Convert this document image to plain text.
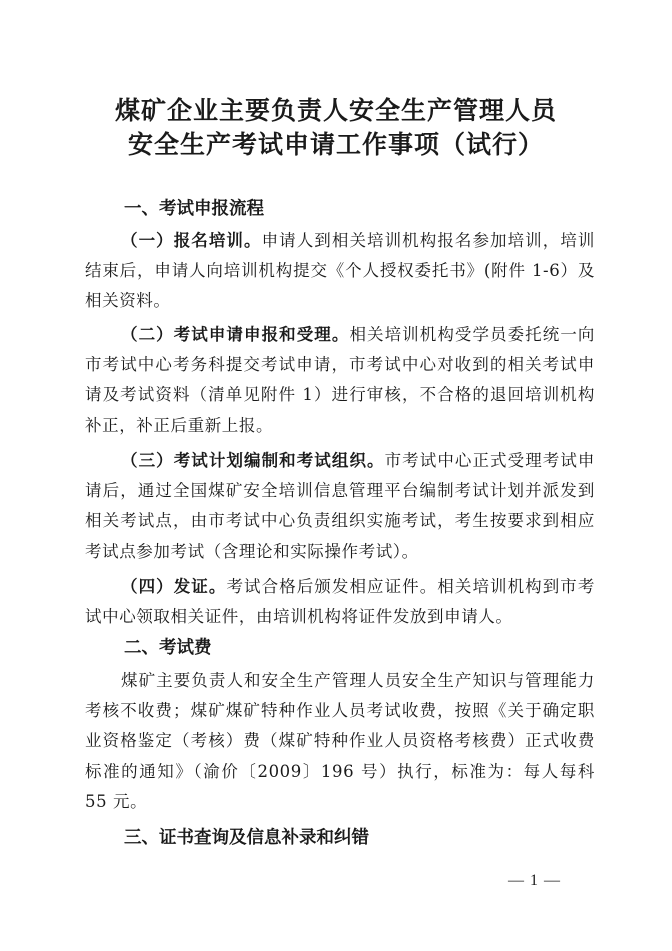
煤矿企业主要负责人安全生产管理人员
安全生产考试申请工作事项（试行）
一、考试申报流程
（一）报名培训。申请人到相关培训机构报名参加培训，培训结束后，申请人向培训机构提交《个人授权委托书》(附件 1-6）及相关资料。
（二）考试申请申报和受理。相关培训机构受学员委托统一向市考试中心考务科提交考试申请，市考试中心对收到的相关考试申请及考试资料（清单见附件 1）进行审核，不合格的退回培训机构补正，补正后重新上报。
（三）考试计划编制和考试组织。市考试中心正式受理考试申请后，通过全国煤矿安全培训信息管理平台编制考试计划并派发到相关考试点，由市考试中心负责组织实施考试，考生按要求到相应考试点参加考试（含理论和实际操作考试）。
（四）发证。考试合格后颁发相应证件。相关培训机构到市考试中心领取相关证件，由培训机构将证件发放到申请人。
二、考试费
煤矿主要负责人和安全生产管理人员安全生产知识与管理能力考核不收费；煤矿煤矿特种作业人员考试收费，按照《关于确定职业资格鉴定（考核）费（煤矿特种作业人员资格考核费）正式收费标准的通知》（渝价〔2009〕196 号）执行，标准为：每人每科 55 元。
三、证书查询及信息补录和纠错
— 1 —
